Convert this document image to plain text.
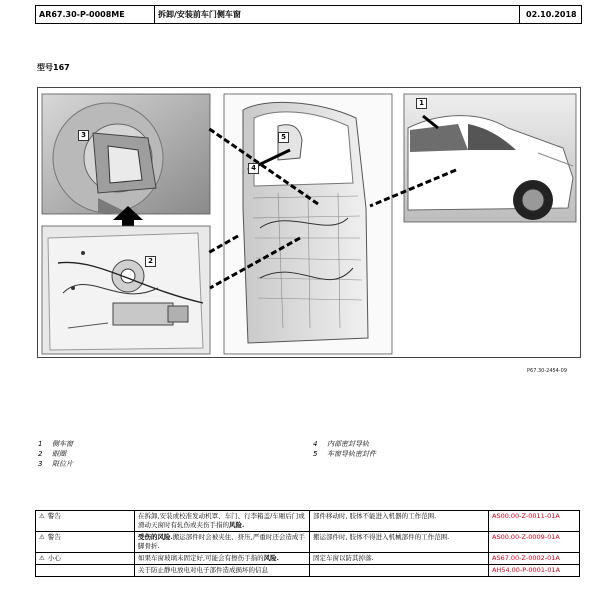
AR67.30-P-0008ME	拆卸/安装前车门侧车窗	02.10.2018
型号167
1
2
3
4
5
P67.30-2454-09
1	侧车窗
2	眼圈
3	限位片
4	内部密封导轨
5	车窗导轨密封件
⚠ 警告	在拆卸,安装或校准发动机罩、车门、行李箱盖/车厢后门或滑动天窗时有轧伤或夹伤手指的风险.	部件移动时, 肢体不能进入机器的工作范围.	AS00.00-Z-0011-01A
⚠ 警告	受伤的风险.搬运部件时会被夹住、挤压,严重时还会造成手脚骨折.	搬运部件时, 肢体不得进入机械部件的工作范围.	AS00.00-Z-0009-01A
⚠ 小心	如果车窗玻璃未固定好,可能会有擦伤手指的风险.	固定车窗以防其掉落.	AS67.00-Z-0002-01A
	关于防止静电放电对电子部件造成损坏的信息		AH54.00-P-0001-01A
